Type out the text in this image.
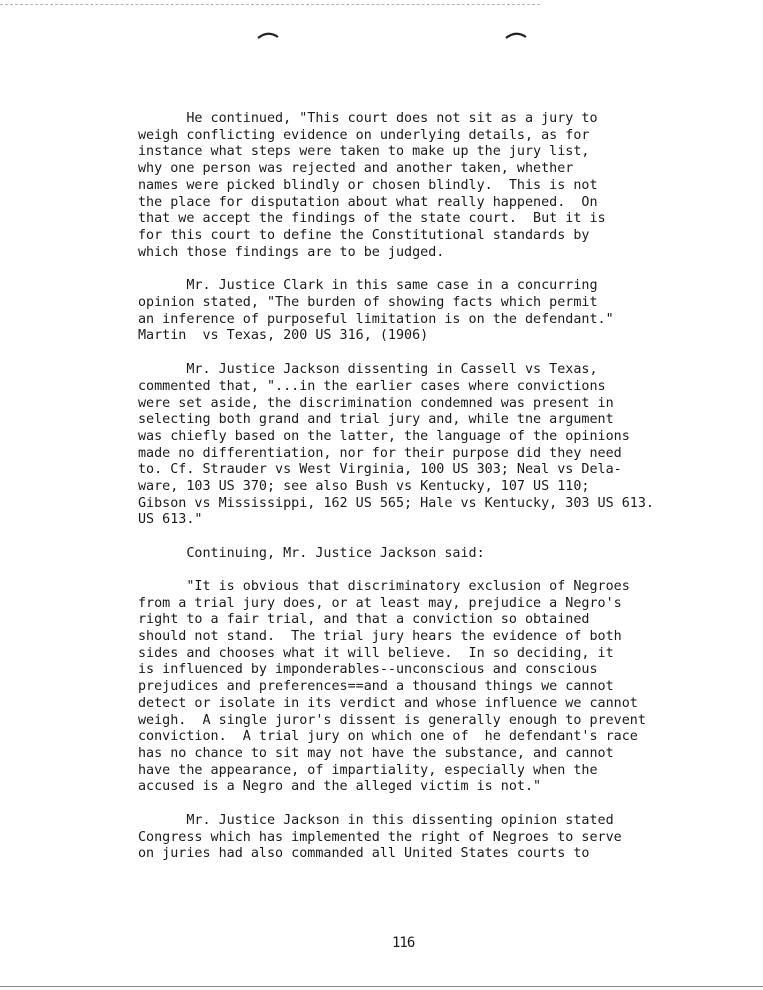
He continued, "This court does not sit as a jury to
weigh conflicting evidence on underlying details, as for
instance what steps were taken to make up the jury list,
why one person was rejected and another taken, whether
names were picked blindly or chosen blindly.  This is not
the place for disputation about what really happened.  On
that we accept the findings of the state court.  But it is
for this court to define the Constitutional standards by
which those findings are to be judged.

Mr. Justice Clark in this same case in a concurring
opinion stated, "The burden of showing facts which permit
an inference of purposeful limitation is on the defendant."
Martin  vs Texas, 200 US 316, (1906)

Mr. Justice Jackson dissenting in Cassell vs Texas,
commented that, "...in the earlier cases where convictions
were set aside, the discrimination condemned was present in
selecting both grand and trial jury and, while tne argument
was chiefly based on the latter, the language of the opinions
made no differentiation, nor for their purpose did they need
to. Cf. Strauder vs West Virginia, 100 US 303; Neal vs Dela-
ware, 103 US 370; see also Bush vs Kentucky, 107 US 110;
Gibson vs Mississippi, 162 US 565; Hale vs Kentucky, 303 US 613.
US 613."

Continuing, Mr. Justice Jackson said:

"It is obvious that discriminatory exclusion of Negroes
from a trial jury does, or at least may, prejudice a Negro's
right to a fair trial, and that a conviction so obtained
should not stand.  The trial jury hears the evidence of both
sides and chooses what it will believe.  In so deciding, it
is influenced by imponderables--unconscious and conscious
prejudices and preferences==and a thousand things we cannot
detect or isolate in its verdict and whose influence we cannot
weigh.  A single juror's dissent is generally enough to prevent
conviction.  A trial jury on which one of  he defendant's race
has no chance to sit may not have the substance, and cannot
have the appearance, of impartiality, especially when the
accused is a Negro and the alleged victim is not."

Mr. Justice Jackson in this dissenting opinion stated
Congress which has implemented the right of Negroes to serve
on juries had also commanded all United States courts to

116
